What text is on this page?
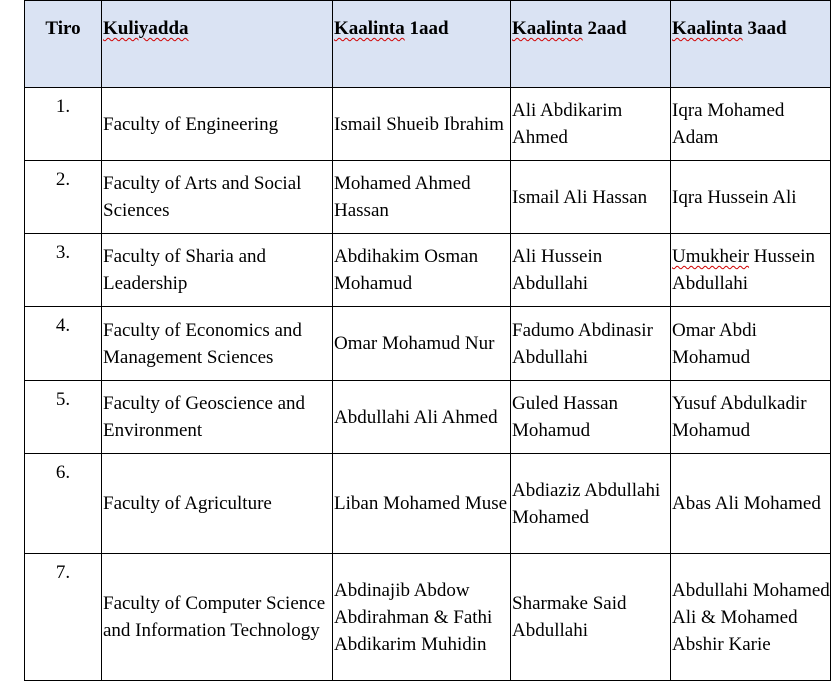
Tiro	Kuliyadda	Kaalinta 1aad	Kaalinta 2aad	Kaalinta 3aad
1.	Faculty of Engineering	Ismail Shueib Ibrahim	Ali Abdikarim Ahmed	Iqra Mohamed Adam
2.	Faculty of Arts and Social Sciences	Mohamed Ahmed Hassan	Ismail Ali Hassan	Iqra Hussein Ali
3.	Faculty of Sharia and Leadership	Abdihakim Osman Mohamud	Ali Hussein Abdullahi	Umukheir Hussein Abdullahi
4.	Faculty of Economics and Management Sciences	Omar Mohamud Nur	Fadumo Abdinasir Abdullahi	Omar Abdi Mohamud
5.	Faculty of Geoscience and Environment	Abdullahi Ali Ahmed	Guled Hassan Mohamud	Yusuf Abdulkadir Mohamud
6.	Faculty of Agriculture	Liban Mohamed Muse	Abdiaziz Abdullahi Mohamed	Abas Ali Mohamed
7.	Faculty of Computer Science and Information Technology	Abdinajib Abdow Abdirahman & Fathi Abdikarim Muhidin	Sharmake Said Abdullahi	Abdullahi Mohamed Ali & Mohamed Abshir Karie
